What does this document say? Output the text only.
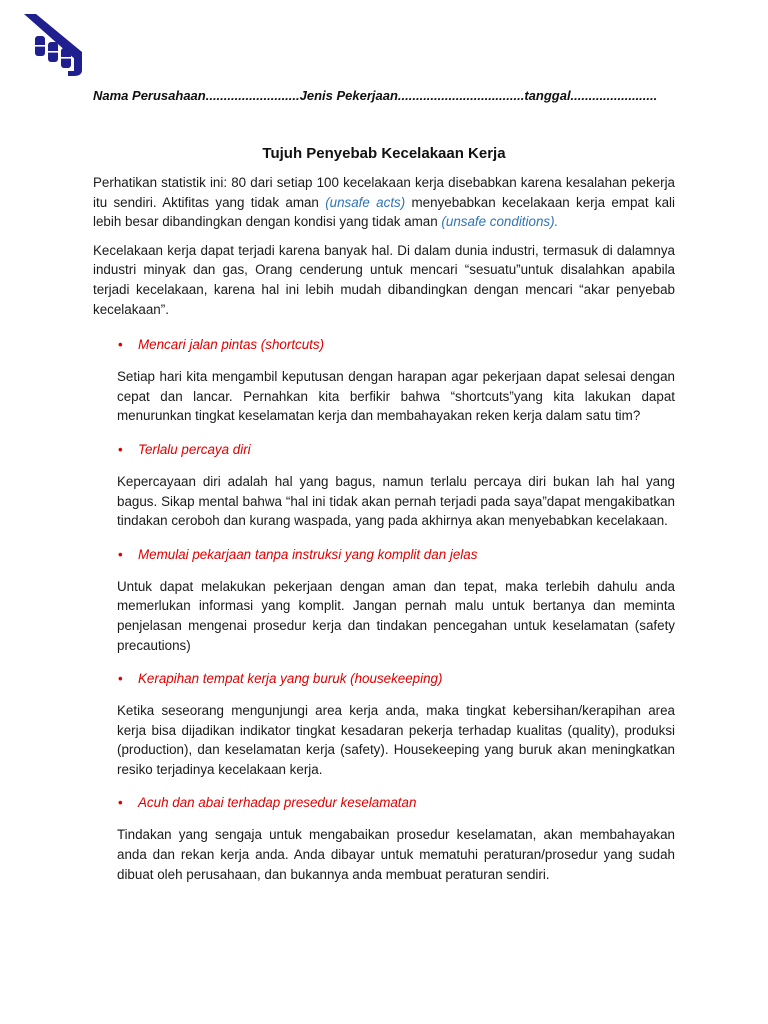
Nama Perusahaan..........................Jenis Pekerjaan...................................tanggal........................
Tujuh Penyebab Kecelakaan Kerja

Perhatikan statistik ini: 80 dari setiap 100 kecelakaan kerja disebabkan karena kesalahan pekerja itu sendiri. Aktifitas yang tidak aman (unsafe acts) menyebabkan kecelakaan kerja empat kali lebih besar dibandingkan dengan kondisi yang tidak aman (unsafe conditions).

Kecelakaan kerja dapat terjadi karena banyak hal. Di dalam dunia industri, termasuk di dalamnya industri minyak dan gas, Orang cenderung untuk mencari “sesuatu”untuk disalahkan apabila terjadi kecelakaan, karena hal ini lebih mudah dibandingkan dengan mencari “akar penyebab kecelakaan”.

• Mencari jalan pintas (shortcuts)

Setiap hari kita mengambil keputusan dengan harapan agar pekerjaan dapat selesai dengan cepat dan lancar. Pernahkan kita berfikir bahwa “shortcuts”yang kita lakukan dapat menurunkan tingkat keselamatan kerja dan membahayakan reken kerja dalam satu tim?

• Terlalu percaya diri

Kepercayaan diri adalah hal yang bagus, namun terlalu percaya diri bukan lah hal yang bagus. Sikap mental bahwa “hal ini tidak akan pernah terjadi pada saya”dapat mengakibatkan tindakan ceroboh dan kurang waspada, yang pada akhirnya akan menyebabkan kecelakaan.

• Memulai pekarjaan tanpa instruksi yang komplit dan jelas

Untuk dapat melakukan pekerjaan dengan aman dan tepat, maka terlebih dahulu anda memerlukan informasi yang komplit. Jangan pernah malu untuk bertanya dan meminta penjelasan mengenai prosedur kerja dan tindakan pencegahan untuk keselamatan (safety precautions)

• Kerapihan tempat kerja yang buruk (housekeeping)

Ketika seseorang mengunjungi area kerja anda, maka tingkat kebersihan/kerapihan area kerja bisa dijadikan indikator tingkat kesadaran pekerja terhadap kualitas (quality), produksi (production), dan keselamatan kerja (safety). Housekeeping yang buruk akan meningkatkan resiko terjadinya kecelakaan kerja.

• Acuh dan abai terhadap presedur keselamatan

Tindakan yang sengaja untuk mengabaikan prosedur keselamatan, akan membahayakan anda dan rekan kerja anda. Anda dibayar untuk mematuhi peraturan/prosedur yang sudah dibuat oleh perusahaan, dan bukannya anda membuat peraturan sendiri.
